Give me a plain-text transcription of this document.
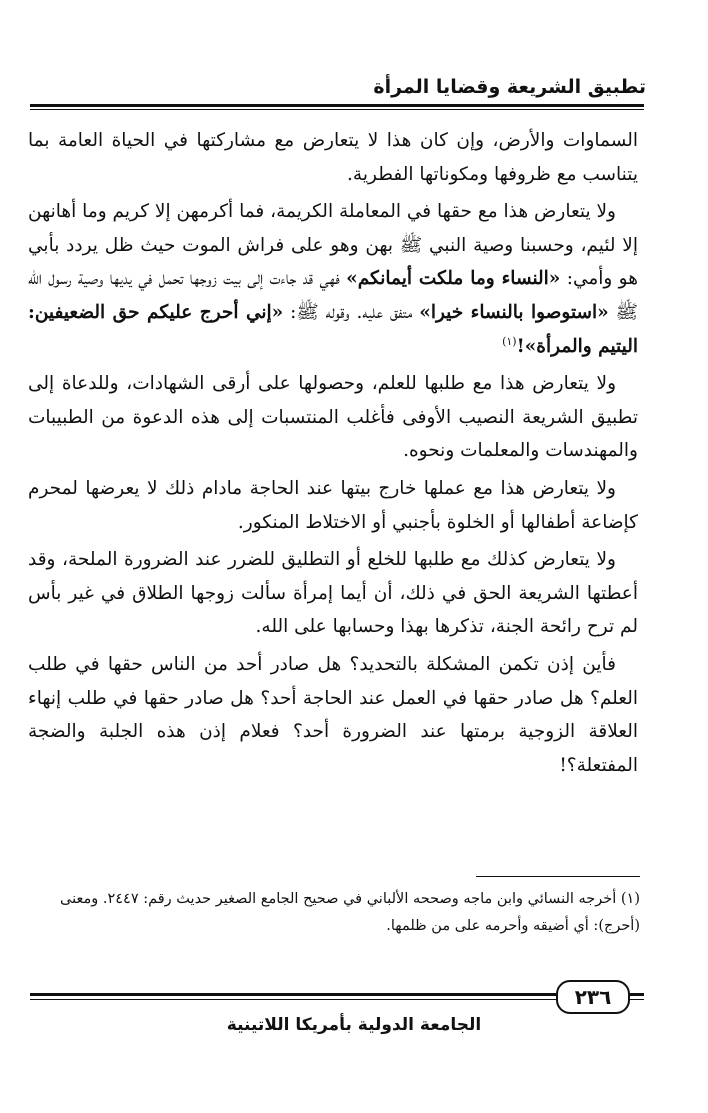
تطبيق الشريعة وقضايا المرأة

السماوات والأرض، وإن كان هذا لا يتعارض مع مشاركتها في الحياة العامة بما يتناسب مع ظروفها ومكوناتها الفطرية.

ولا يتعارض هذا مع حقها في المعاملة الكريمة، فما أكرمهن إلا كريم وما أهانهن إلا لئيم، وحسبنا وصية النبي ﷺ بهن وهو على فراش الموت حيث ظل يردد بأبي هو وأمي: «النساء وما ملكت أيمانكم» فهي قد جاءت إلى بيت زوجها تحمل في يديها وصية رسول الله ﷺ «استوصوا بالنساء خيرا» متفق عليه. وقوله ﷺ: «إني أحرج عليكم حق الضعيفين: اليتيم والمرأة»!$^{(١)}$

ولا يتعارض هذا مع طلبها للعلم، وحصولها على أرقى الشهادات، وللدعاة إلى تطبيق الشريعة النصيب الأوفى فأغلب المنتسبات إلى هذه الدعوة من الطبيبات والمهندسات والمعلمات ونحوه.

ولا يتعارض هذا مع عملها خارج بيتها عند الحاجة مادام ذلك لا يعرضها لمحرم كإضاعة أطفالها أو الخلوة بأجنبي أو الاختلاط المنكور.

ولا يتعارض كذلك مع طلبها للخلع أو التطليق للضرر عند الضرورة الملحة، وقد أعطتها الشريعة الحق في ذلك، أن أيما إمرأة سألت زوجها الطلاق في غير بأس لم ترح رائحة الجنة، تذكرها بهذا وحسابها على الله.

فأين إذن تكمن المشكلة بالتحديد؟ هل صادر أحد من الناس حقها في طلب العلم؟ هل صادر حقها في العمل عند الحاجة أحد؟ هل صادر حقها في طلب إنهاء العلاقة الزوجية برمتها عند الضرورة أحد؟ فعلام إذن هذه الجلبة والضجة المفتعلة؟!

(١) أخرجه النسائي وابن ماجه وصححه الألباني في صحيح الجامع الصغير حديث رقم: ٢٤٤٧. ومعنى

(أحرج): أي أضيقه وأحرمه على من ظلمها.

٢٣٦
الجامعة الدولية بأمريكا اللاتينية
